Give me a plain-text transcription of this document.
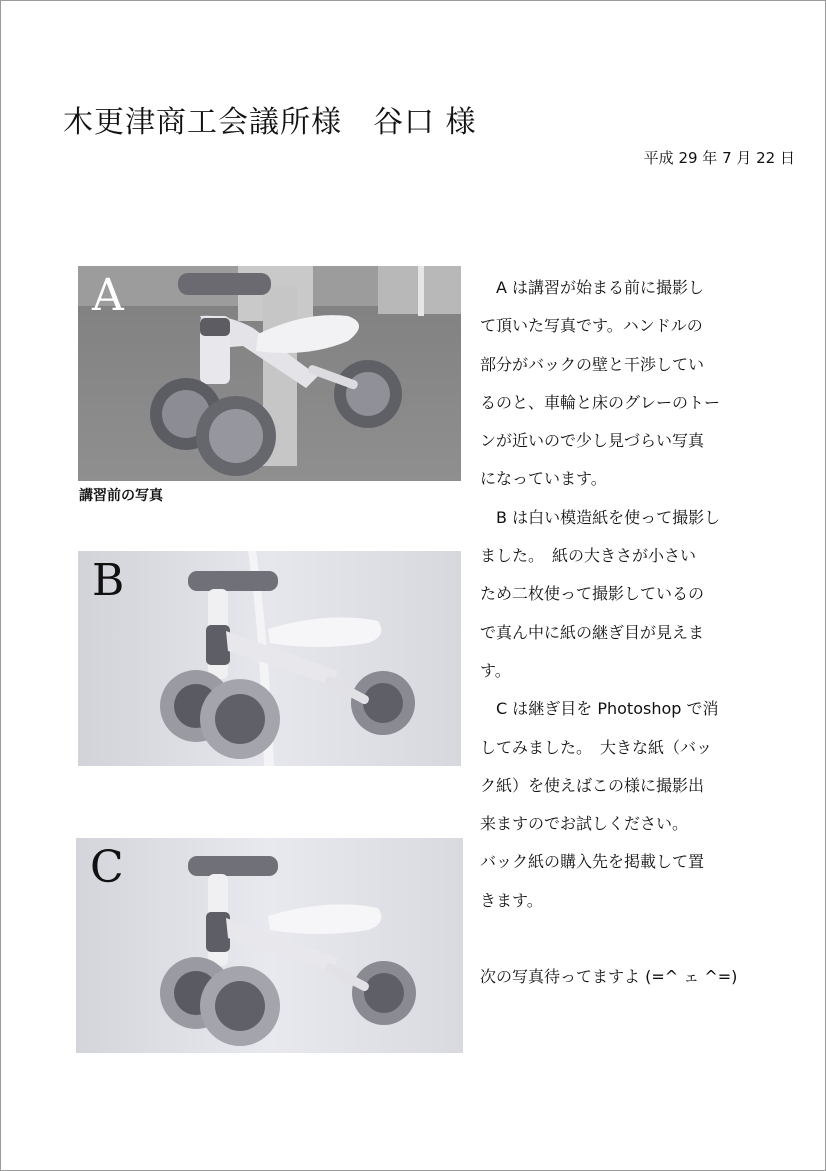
木更津商工会議所様　谷口 様
平成 29 年 7 月 22 日
A
講習前の写真
B
C

　A は講習が始まる前に撮影し

て頂いた写真です。ハンドルの

部分がバックの壁と干渉してい

るのと、車輪と床のグレーのトー

ンが近いので少し見づらい写真

になっています。

　B は白い模造紙を使って撮影し

ました。　紙の大きさが小さい

ため二枚使って撮影しているの

で真ん中に紙の継ぎ目が見えま

す。

　C は継ぎ目を Photoshop で消

してみました。　大きな紙（バッ

ク紙）を使えばこの様に撮影出

来ますのでお試しください。

バック紙の購入先を掲載して置

きます。

次の写真待ってますよ (=^ ェ ^=)
